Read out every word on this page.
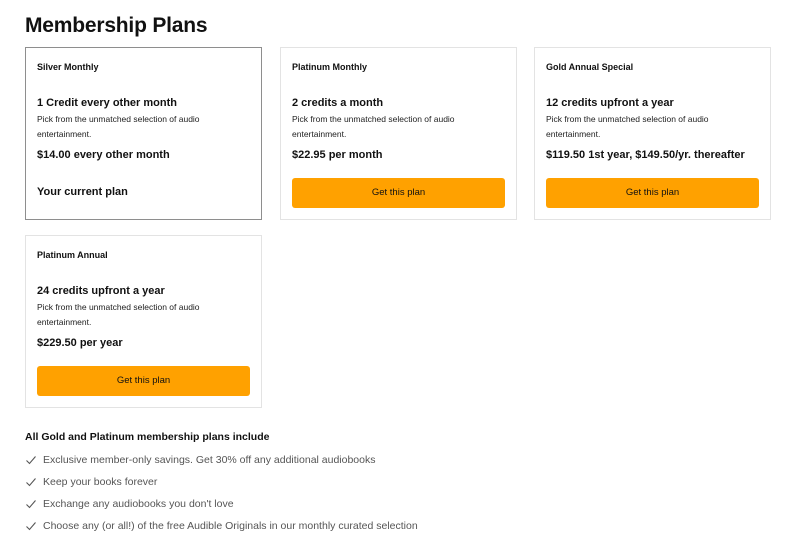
Membership Plans
Silver Monthly
1 Credit every other month
Pick from the unmatched selection of audio entertainment.
$14.00 every other month
Your current plan
Platinum Monthly
2 credits a month
Pick from the unmatched selection of audio entertainment.
$22.95 per month
Get this plan
Gold Annual Special
12 credits upfront a year
Pick from the unmatched selection of audio entertainment.
$119.50 1st year, $149.50/yr. thereafter
Get this plan
Platinum Annual
24 credits upfront a year
Pick from the unmatched selection of audio entertainment.
$229.50 per year
Get this plan
All Gold and Platinum membership plans include
Exclusive member-only savings. Get 30% off any additional audiobooks
Keep your books forever
Exchange any audiobooks you don't love
Choose any (or all!) of the free Audible Originals in our monthly curated selection
